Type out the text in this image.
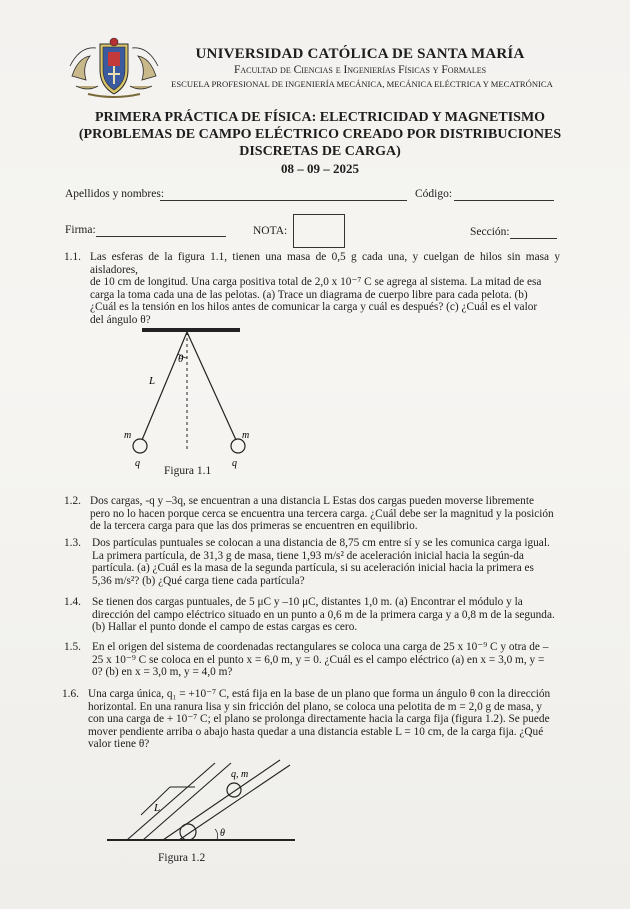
UNIVERSIDAD CATÓLICA DE SANTA MARÍA
Facultad de Ciencias e Ingenierías Físicas y Formales
ESCUELA PROFESIONAL DE INGENIERÍA MECÁNICA, MECÁNICA ELÉCTRICA Y MECATRÓNICA
PRIMERA PRÁCTICA DE FÍSICA: ELECTRICIDAD Y MAGNETISMO
(PROBLEMAS DE CAMPO ELÉCTRICO CREADO POR DISTRIBUCIONES
DISCRETAS DE CARGA)
08 – 09 – 2025
Apellidos y nombres:	Código:
Firma:	NOTA:	Sección:
1.1. Las esferas de la figura 1.1, tienen una masa de 0,5 g cada una, y cuelgan de hilos sin masa y aisladores,
de 10 cm de longitud. Una carga positiva total de 2,0 x 10⁻⁷ C se agrega al sistema. La mitad de esa
carga la toma cada una de las pelotas. (a) Trace un diagrama de cuerpo libre para cada pelota. (b)
¿Cuál es la tensión en los hilos antes de comunicar la carga y cuál es después? (c) ¿Cuál es el valor
del ángulo θ?
θ
L
m	m
q	q
Figura 1.1
1.2. Dos cargas, -q y –3q, se encuentran a una distancia L Estas dos cargas pueden moverse libremente
pero no lo hacen porque cerca se encuentra una tercera carga. ¿Cuál debe ser la magnitud y la posición
de la tercera carga para que las dos primeras se encuentren en equilibrio.
1.3. Dos partículas puntuales se colocan a una distancia de 8,75 cm entre sí y se les comunica carga igual.
La primera partícula, de 31,3 g de masa, tiene 1,93 m/s² de aceleración inicial hacia la según-da
partícula. (a) ¿Cuál es la masa de la segunda partícula, si su aceleración inicial hacia la primera es
5,36 m/s²? (b) ¿Qué carga tiene cada partícula?
1.4. Se tienen dos cargas puntuales, de 5 μC y –10 μC, distantes 1,0 m. (a) Encontrar el módulo y la
dirección del campo eléctrico situado en un punto a 0,6 m de la primera carga y a 0,8 m de la segunda.
(b) Hallar el punto donde el campo de estas cargas es cero.
1.5. En el origen del sistema de coordenadas rectangulares se coloca una carga de 25 x 10⁻⁹ C y otra de –
25 x 10⁻⁹ C se coloca en el punto x = 6,0 m, y = 0. ¿Cuál es el campo eléctrico (a) en x = 3,0 m, y =
0? (b) en x = 3,0 m, y = 4,0 m?
1.6. Una carga única, q₁ = +10⁻⁷ C, está fija en la base de un plano que forma un ángulo θ con la dirección
horizontal. En una ranura lisa y sin fricción del plano, se coloca una pelotita de m = 2,0 g de masa, y
con una carga de + 10⁻⁷ C; el plano se prolonga directamente hacia la carga fija (figura 1.2). Se puede
mover pendiente arriba o abajo hasta quedar a una distancia estable L = 10 cm, de la carga fija. ¿Qué
valor tiene θ?
q, m
L
θ
Figura 1.2
